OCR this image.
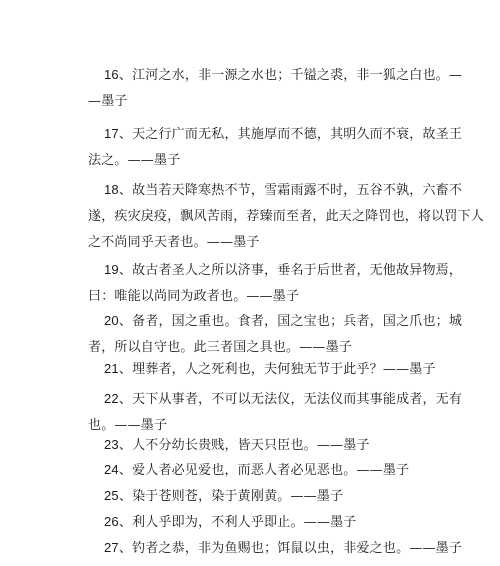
16、江河之水，非一源之水也；千镒之裘，非一狐之白也。—
—墨子

17、天之行广而无私，其施厚而不德，其明久而不衰，故圣王
法之。——墨子

18、故当若天降寒热不节，雪霜雨露不时，五谷不孰，六畜不
遂，疾灾戾疫，飘风苦雨，荐臻而至者，此天之降罚也，将以罚下人
之不尚同乎天者也。——墨子

19、故古者圣人之所以济事，垂名于后世者，无他故异物焉，
曰：唯能以尚同为政者也。——墨子

20、备者，国之重也。食者，国之宝也；兵者，国之爪也；城
者，所以自守也。此三者国之具也。——墨子

21、埋葬者，人之死利也，夫何独无节于此乎？——墨子

22、天下从事者，不可以无法仪，无法仪而其事能成者，无有
也。——墨子

23、人不分幼长贵贱，皆天只臣也。——墨子

24、爱人者必见爱也，而恶人者必见恶也。——墨子

25、染于苍则苍，染于黄刚黄。——墨子

26、利人乎即为，不利人乎即止。——墨子

27、钓者之恭，非为鱼赐也；饵鼠以虫，非爱之也。——墨子
